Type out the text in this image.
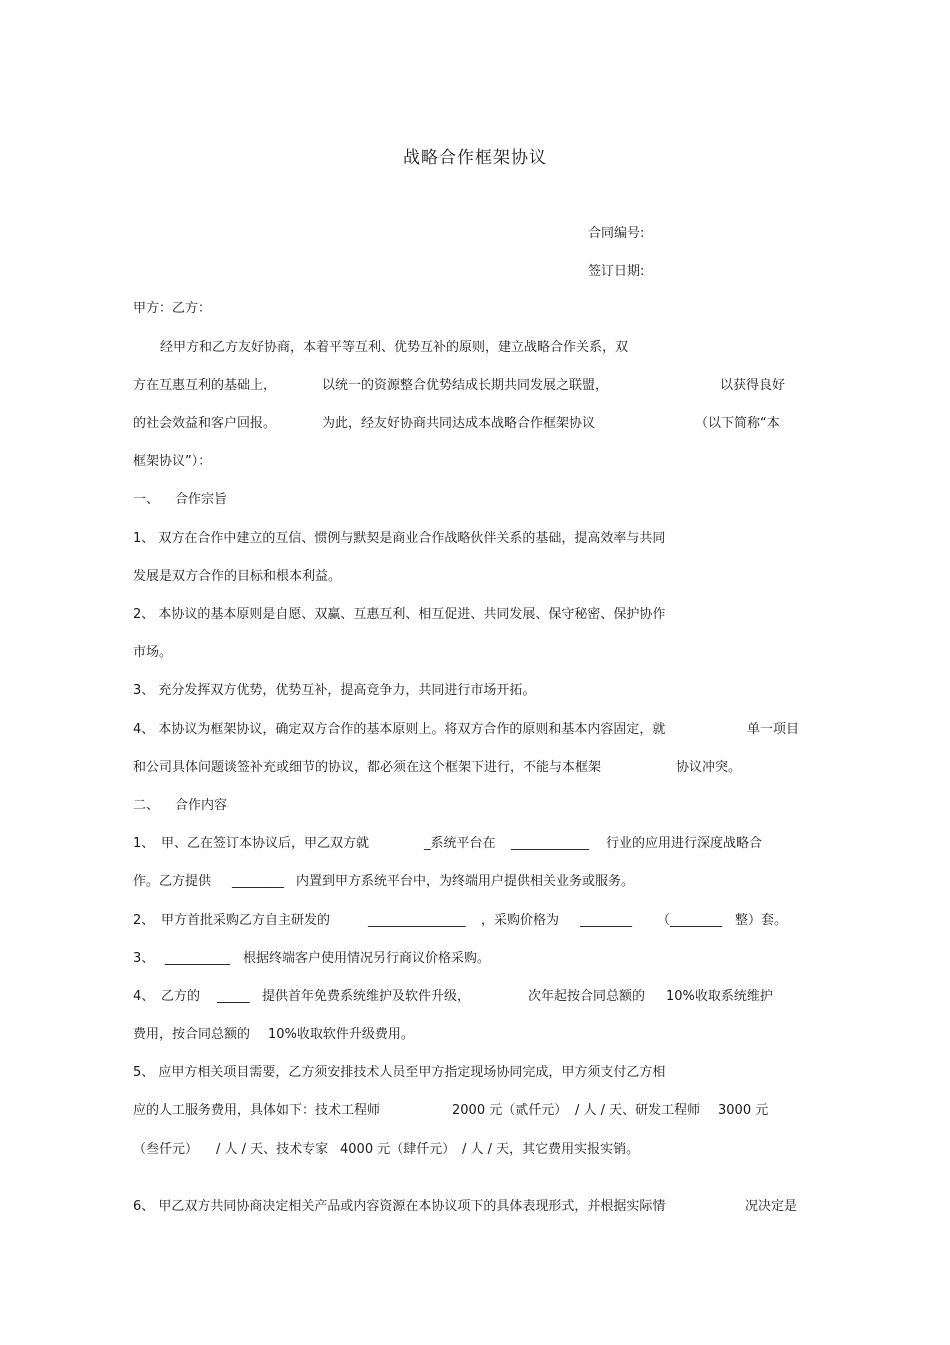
战略合作框架协议
合同编号:
签订日期:
甲方：乙方：
经甲方和乙方友好协商，本着平等互利、优势互补的原则，建立战略合作关系，双
方在互惠互利的基础上，	以统一的资源整合优势结成长期共同发展之联盟，	以获得良好
的社会效益和客户回报。	为此，经友好协商共同达成本战略合作框架协议	（以下简称“本
框架协议”）：
一、 合作宗旨
1、 双方在合作中建立的互信、惯例与默契是商业合作战略伙伴关系的基础，提高效率与共同
发展是双方合作的目标和根本利益。
2、 本协议的基本原则是自愿、双赢、互惠互利、相互促进、共同发展、保守秘密、保护协作
市场。
3、 充分发挥双方优势，优势互补，提高竞争力，共同进行市场开拓。
4、 本协议为框架协议，确定双方合作的基本原则上。将双方合作的原则和基本内容固定，就	单一项目
和公司具体问题谈签补充或细节的协议，都必须在这个框架下进行，不能与本框架	协议冲突。
二、 合作内容
1、 甲、乙在签订本协议后，甲乙双方就	_系统平台在 ____________ 行业的应用进行深度战略合
作。乙方提供 ________ 内置到甲方系统平台中，为终端用户提供相关业务或服务。
2、 甲方首批采购乙方自主研发的	_______________ ，采购价格为 ________ （ ________ 整）套。
3、 __________ 根据终端客户使用情况另行商议价格采购。
4、 乙方的 _____ 提供首年免费系统维护及软件升级，	次年起按合同总额的 10%收取系统维护
费用，按合同总额的 10%收取软件升级费用。
5、 应甲方相关项目需要，乙方须安排技术人员至甲方指定现场协同完成，甲方须支付乙方相
应的人工服务费用，具体如下：技术工程师	2000 元（贰仟元） / 人 / 天、研发工程师 3000 元
（叁仟元） / 人 / 天、技术专家 4000 元（肆仟元） / 人 / 天，其它费用实报实销。
6、 甲乙双方共同协商决定相关产品或内容资源在本协议项下的具体表现形式，并根据实际情	况决定是
